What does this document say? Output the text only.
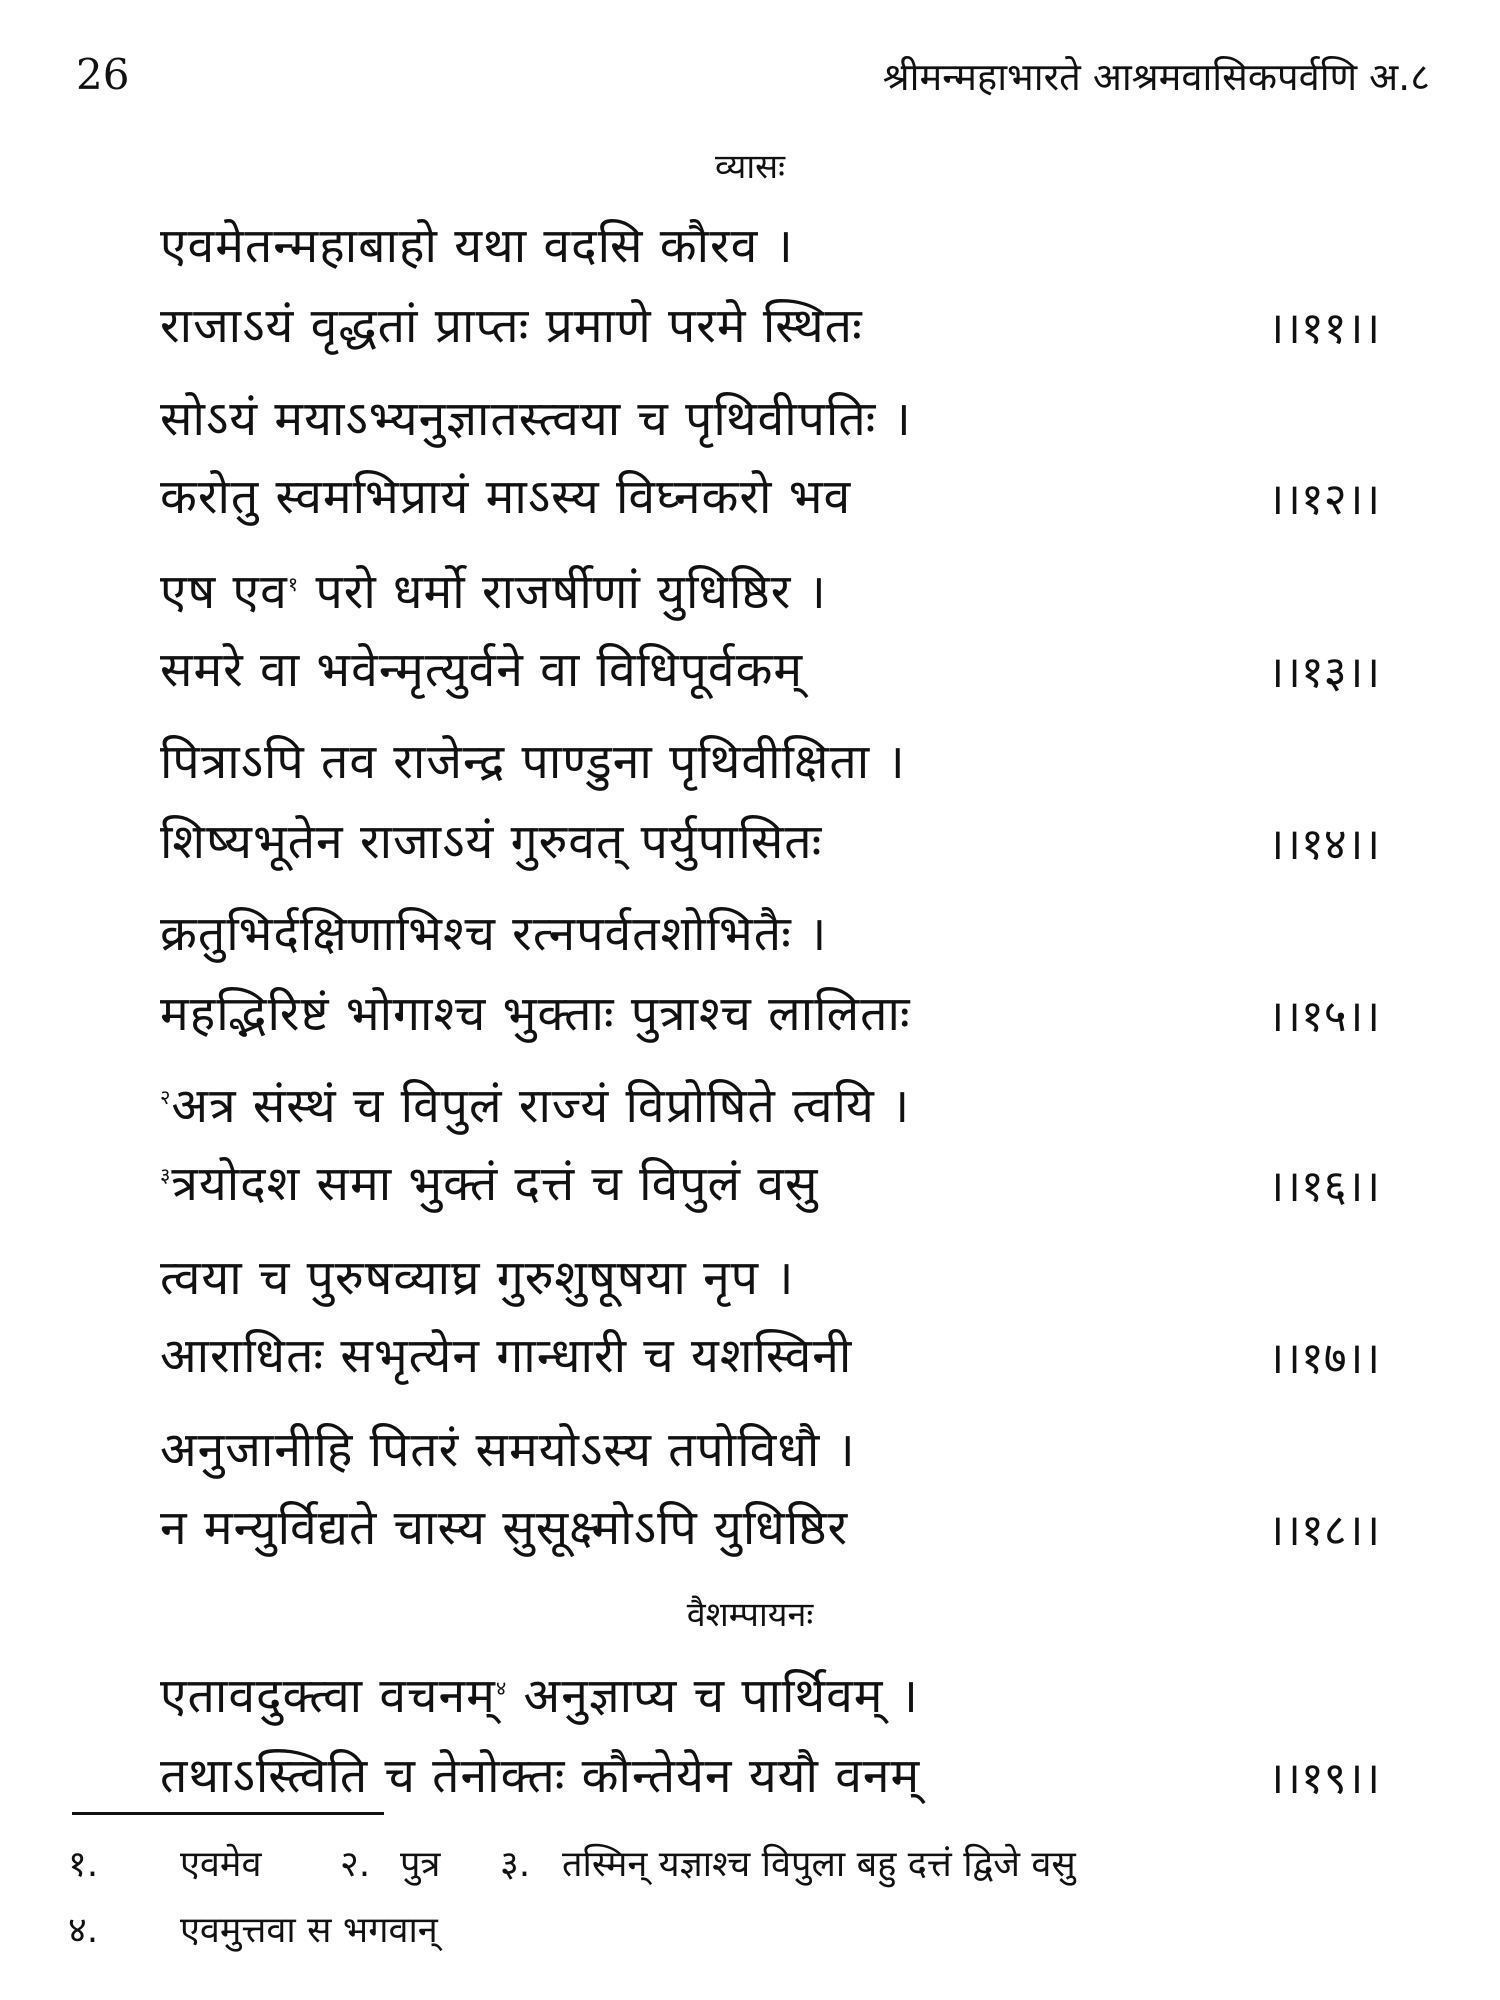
26	श्रीमन्महाभारते आश्रमवासिकपर्वणि अ.८
व्यासः
एवमेतन्महाबाहो यथा वदसि कौरव ।
राजाऽयं वृद्धतां प्राप्तः प्रमाणे परमे स्थितः	।।११।।
सोऽयं मयाऽभ्यनुज्ञातस्त्वया च पृथिवीपतिः ।
करोतु स्वमभिप्रायं माऽस्य विघ्नकरो भव	।।१२।।
एष एव$^१$ परो धर्मो राजर्षीणां युधिष्ठिर ।
समरे वा भवेन्मृत्युर्वने वा विधिपूर्वकम्	।।१३।।
पित्राऽपि तव राजेन्द्र पाण्डुना पृथिवीक्षिता ।
शिष्यभूतेन राजाऽयं गुरुवत् पर्युपासितः	।।१४।।
क्रतुभिर्दक्षिणाभिश्च रत्नपर्वतशोभितैः ।
महद्भिरिष्टं भोगाश्च भुक्ताः पुत्राश्च लालिताः	।।१५।।
$^२$अत्र संस्थं च विपुलं राज्यं विप्रोषिते त्वयि ।
$^३$त्रयोदश समा भुक्तं दत्तं च विपुलं वसु	।।१६।।
त्वया च पुरुषव्याघ्र गुरुशुषूषया नृप ।
आराधितः सभृत्येन गान्धारी च यशस्विनी	।।१७।।
अनुजानीहि पितरं समयोऽस्य तपोविधौ ।
न मन्युर्विद्यते चास्य सुसूक्ष्मोऽपि युधिष्ठिर	।।१८।।
वैशम्पायनः
एतावदुक्त्वा वचनम्$^४$ अनुज्ञाप्य च पार्थिवम् ।
तथाऽस्त्विति च तेनोक्तः कौन्तेयेन ययौ वनम्	।।१९।।
१. एवमेव २. पुत्र ३. तस्मिन् यज्ञाश्च विपुला बहु दत्तं द्विजे वसु
४. एवमुत्तवा स भगवान्
